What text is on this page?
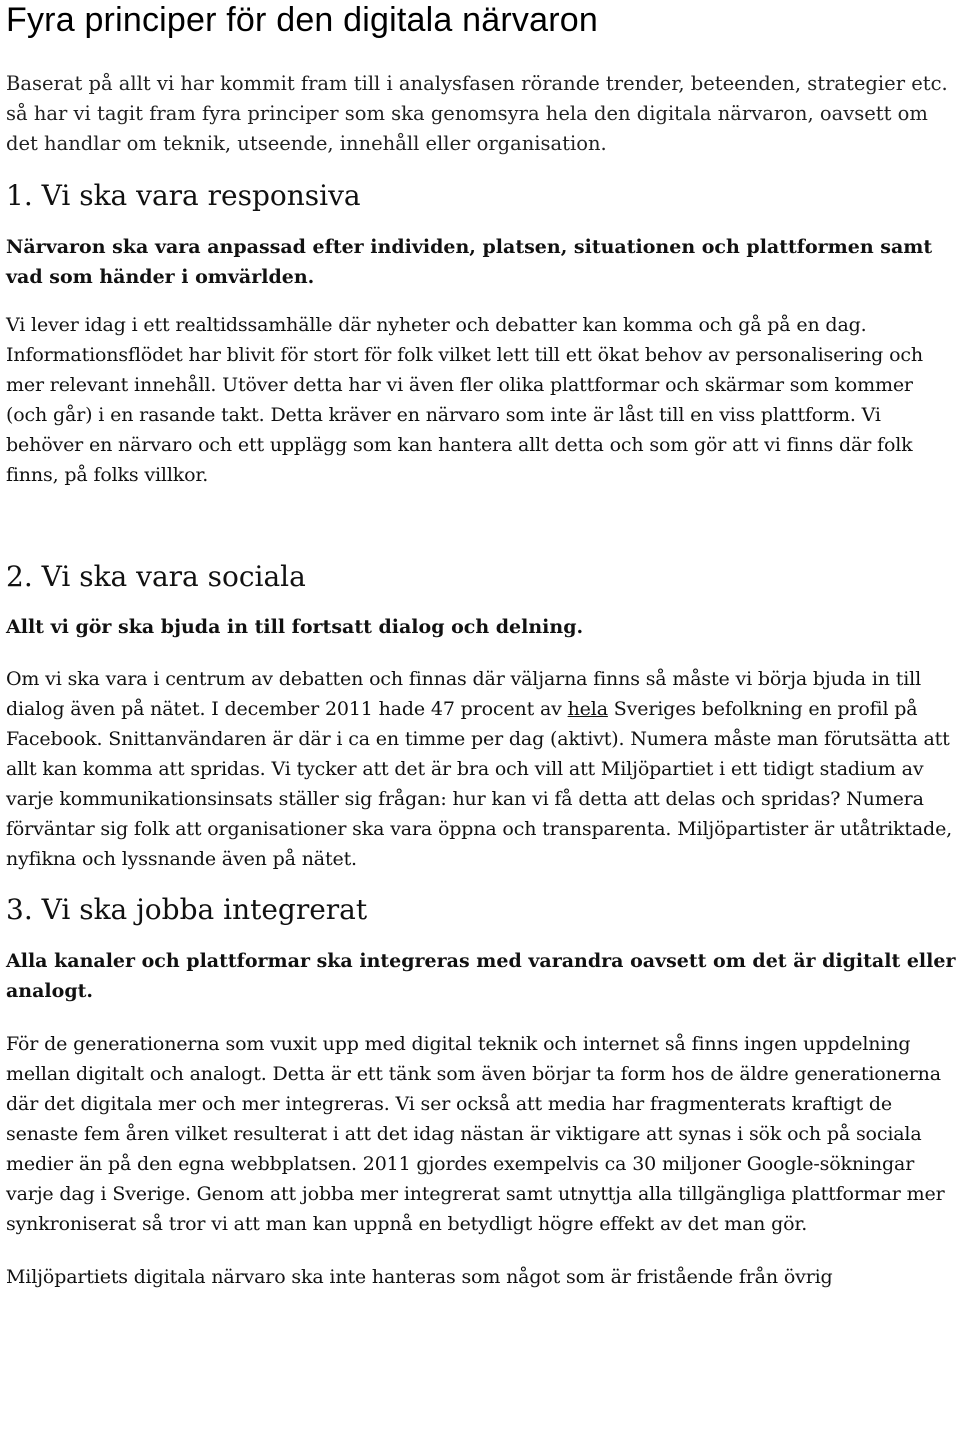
Fyra principer för den digitala närvaron

Baserat på allt vi har kommit fram till i analysfasen rörande trender, beteenden, strategier etc. så har vi tagit fram fyra principer som ska genomsyra hela den digitala närvaron, oavsett om det handlar om teknik, utseende, innehåll eller organisation.

1. Vi ska vara responsiva

Närvaron ska vara anpassad efter individen, platsen, situationen och plattformen samt vad som händer i omvärlden.

Vi lever idag i ett realtidssamhälle där nyheter och debatter kan komma och gå på en dag. Informationsflödet har blivit för stort för folk vilket lett till ett ökat behov av personalisering och mer relevant innehåll. Utöver detta har vi även fler olika plattformar och skärmar som kommer (och går) i en rasande takt. Detta kräver en närvaro som inte är låst till en viss plattform. Vi behöver en närvaro och ett upplägg som kan hantera allt detta och som gör att vi finns där folk finns, på folks villkor.

2. Vi ska vara sociala

Allt vi gör ska bjuda in till fortsatt dialog och delning.

Om vi ska vara i centrum av debatten och finnas där väljarna finns så måste vi börja bjuda in till dialog även på nätet. I december 2011 hade 47 procent av hela Sveriges befolkning en profil på Facebook. Snittanvändaren är där i ca en timme per dag (aktivt). Numera måste man förutsätta att allt kan komma att spridas. Vi tycker att det är bra och vill att Miljöpartiet i ett tidigt stadium av varje kommunikationsinsats ställer sig frågan: hur kan vi få detta att delas och spridas? Numera förväntar sig folk att organisationer ska vara öppna och transparenta. Miljöpartister är utåtriktade, nyfikna och lyssnande även på nätet.

3. Vi ska jobba integrerat

Alla kanaler och plattformar ska integreras med varandra oavsett om det är digitalt eller analogt.

För de generationerna som vuxit upp med digital teknik och internet så finns ingen uppdelning mellan digitalt och analogt. Detta är ett tänk som även börjar ta form hos de äldre generationerna där det digitala mer och mer integreras. Vi ser också att media har fragmenterats kraftigt de senaste fem åren vilket resulterat i att det idag nästan är viktigare att synas i sök och på sociala medier än på den egna webbplatsen. 2011 gjordes exempelvis ca 30 miljoner Google-sökningar varje dag i Sverige. Genom att jobba mer integrerat samt utnyttja alla tillgängliga plattformar mer synkroniserat så tror vi att man kan uppnå en betydligt högre effekt av det man gör.

Miljöpartiets digitala närvaro ska inte hanteras som något som är fristående från övrig
